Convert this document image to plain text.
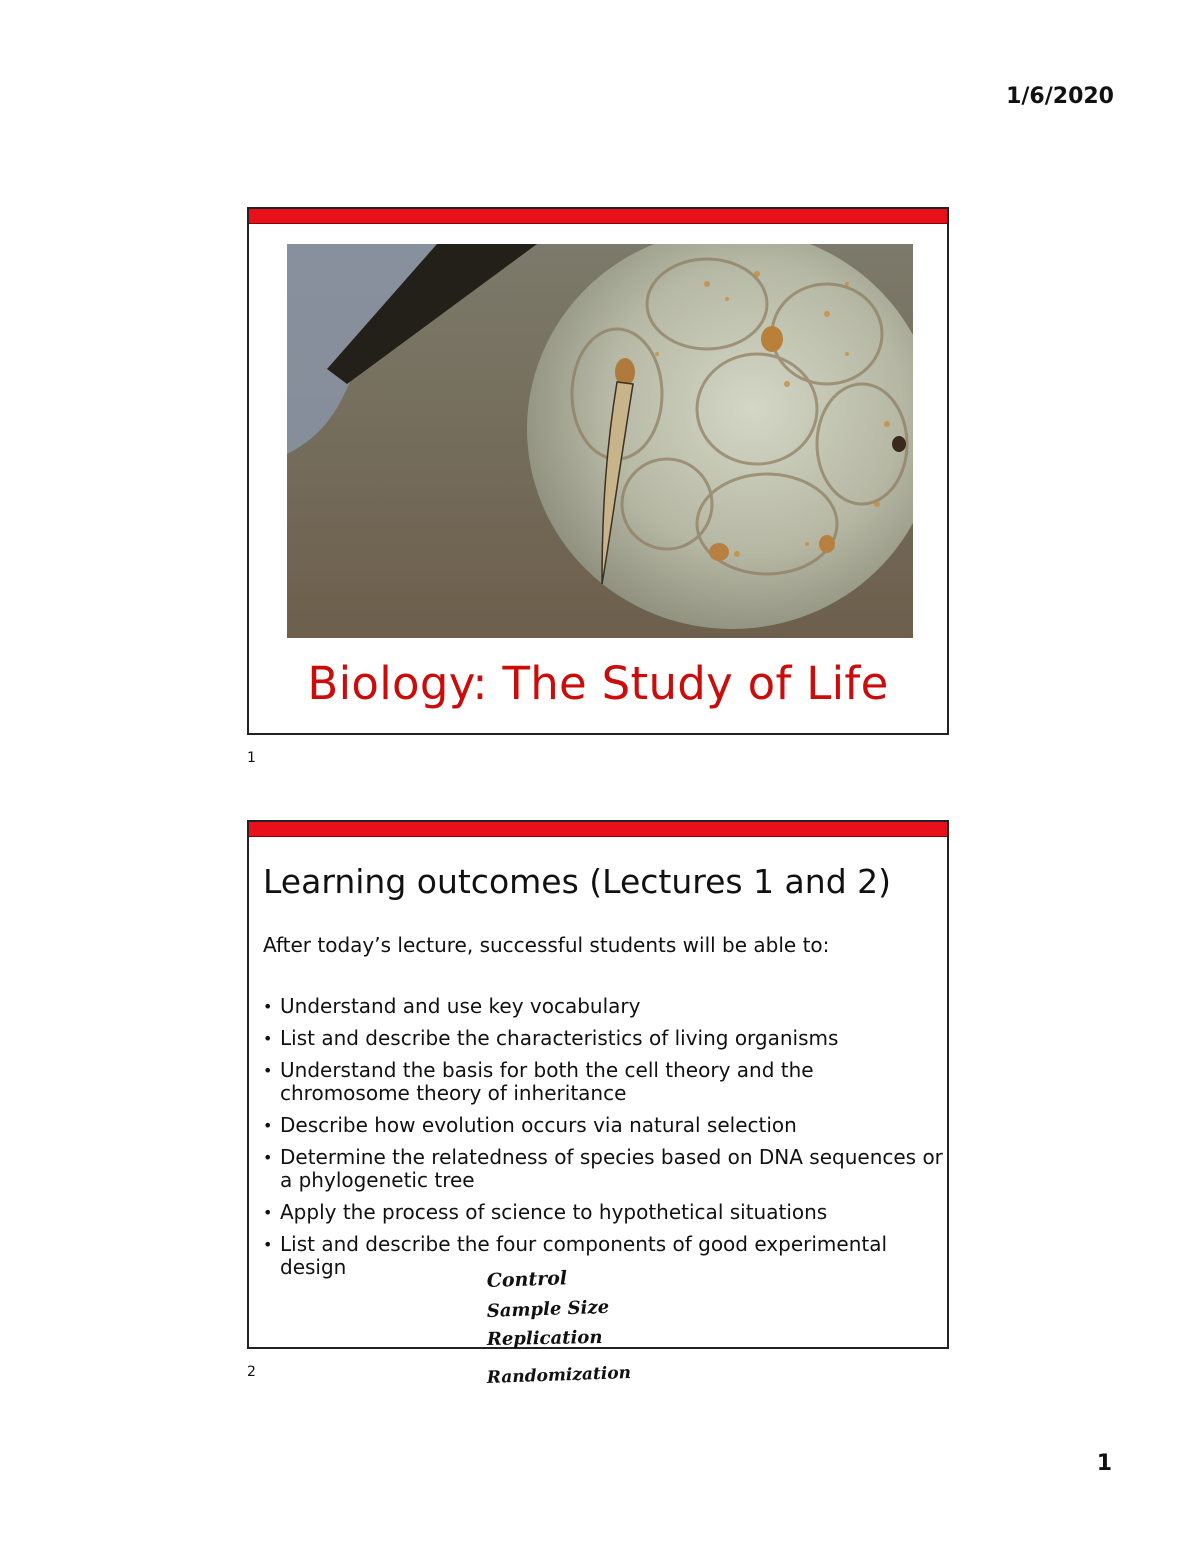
1/6/2020
Biology: The Study of Life
1
Learning outcomes (Lectures 1 and 2)
After today’s lecture, successful students will be able to:
• Understand and use key vocabulary
• List and describe the characteristics of living organisms
• Understand the basis for both the cell theory and the chromosome theory of inheritance
• Describe how evolution occurs via natural selection
• Determine the relatedness of species based on DNA sequences or a phylogenetic tree
• Apply the process of science to hypothetical situations
• List and describe the four components of good experimental design
2
Control
Sample Size
Replication
Randomization
1
